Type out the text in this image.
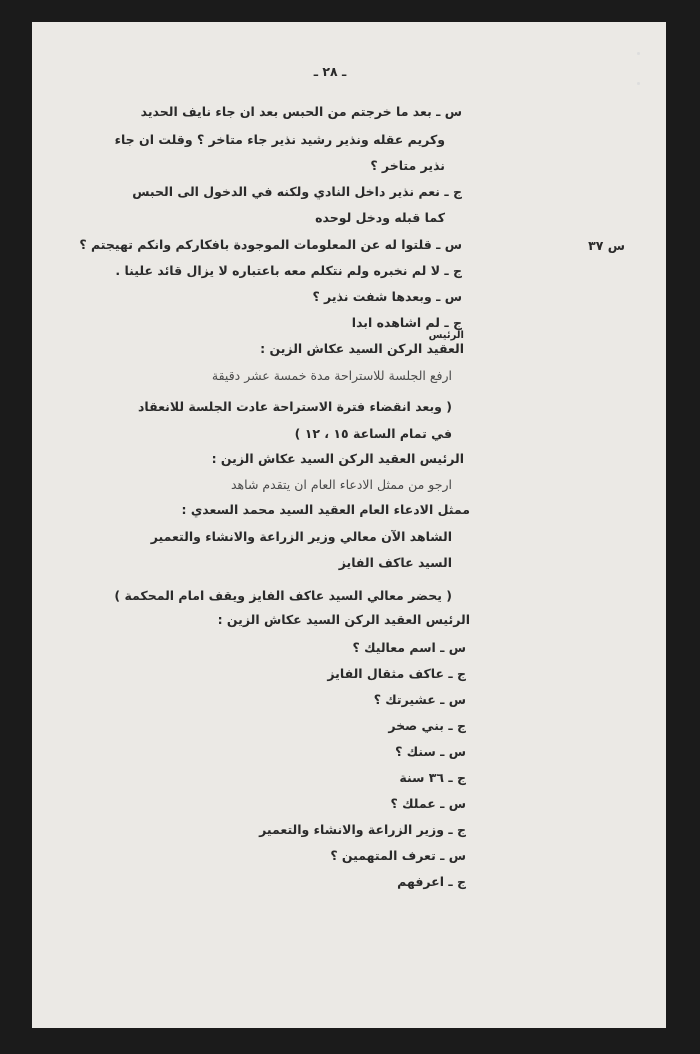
ـ ٢٨ ـ
س ٣٧
س ـ بعد ما خرجتم من الحبس بعد ان جاء نايف الحديد
وكريم عقله ونذير رشيد نذير جاء متاخر ؟ وقلت ان جاء
نذير متاخر ؟
ج ـ نعم نذير داخل النادي ولكنه في الدخول الى الحبس
كما قبله ودخل لوحده
س ـ قلتوا له عن المعلومات الموجودة بافكاركم وانكم تهيجتم ؟
ج ـ لا لم نخبره ولم نتكلم معه باعتباره لا يزال قائد علينا .
س ـ وبعدها شفت نذير ؟
ج ـ لم اشاهده ابدا
الرئيس
العقيد الركن السيد عكاش الزين :
ارفع الجلسة للاستراحة مدة خمسة عشر دقيقة
( وبعد انقضاء فترة الاستراحة عادت الجلسة للانعقاد
في تمام الساعة ١٥ ، ١٢ )
الرئيس العقيد الركن السيد عكاش الزين :
ارجو من ممثل الادعاء العام ان يتقدم شاهد
ممثل الادعاء العام العقيد السيد محمد السعدي :
الشاهد الآن معالي وزير الزراعة والانشاء والتعمير
السيد عاكف الفايز
( يحضر معالي السيد عاكف الفايز ويقف امام المحكمة )
الرئيس العقيد الركن السيد عكاش الزين :
س ـ اسم معاليك ؟
ج ـ عاكف مثقال الفايز
س ـ عشيرتك ؟
ج ـ بني صخر
س ـ سنك ؟
ج ـ ٣٦ سنة
س ـ عملك ؟
ج ـ وزير الزراعة والانشاء والتعمير
س ـ تعرف المتهمين ؟
ج ـ اعرفهم
